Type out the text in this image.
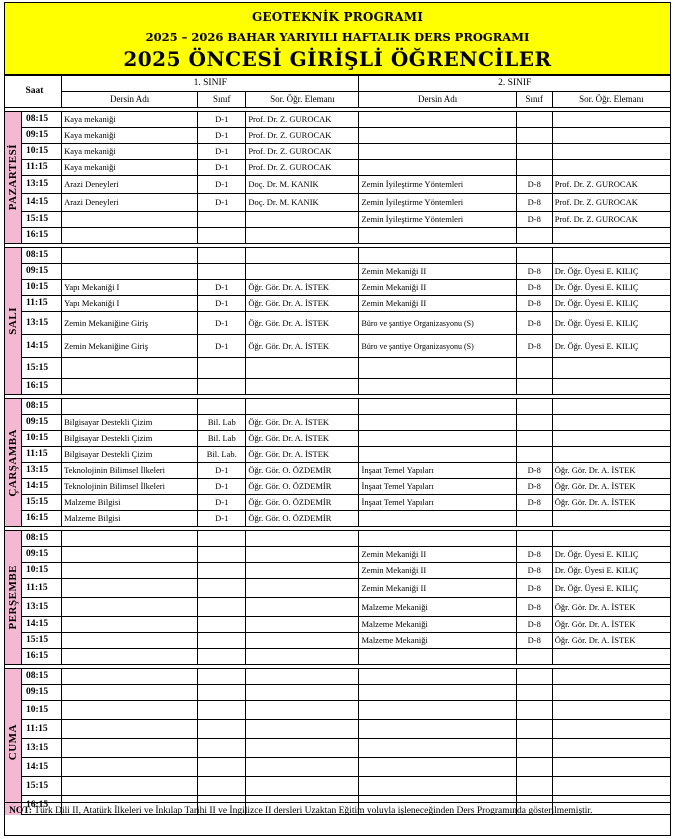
GEOTEKNİK PROGRAMI
2025 – 2026 BAHAR YARIYILI HAFTALIK DERS PROGRAMI
2025 ÖNCESİ GİRİŞLİ ÖĞRENCİLER
	Saat	1. SINIF			2. SINIF		
		Dersin Adı	Sınıf	Sor. Öğr. Elemanı	Dersin Adı	Sınıf	Sor. Öğr. Elemanı

PAZARTESİ	08:15	Kaya mekaniği	D-1	Prof. Dr. Z. GUROCAK			
	09:15	Kaya mekaniği	D-1	Prof. Dr. Z. GUROCAK			
	10:15	Kaya mekaniği	D-1	Prof. Dr. Z. GUROCAK			
	11:15	Kaya mekaniği	D-1	Prof. Dr. Z. GUROCAK			
	13:15	Arazi Deneyleri	D-1	Doç. Dr. M. KANIK	Zemin İyileştirme Yöntemleri	D-8	Prof. Dr. Z. GUROCAK
	14:15	Arazi Deneyleri	D-1	Doç. Dr. M. KANIK	Zemin İyileştirme Yöntemleri	D-8	Prof. Dr. Z. GUROCAK
	15:15				Zemin İyileştirme Yöntemleri	D-8	Prof. Dr. Z. GUROCAK
	16:15						

SALI	08:15						
	09:15				Zemin Mekaniği II	D-8	Dr. Öğr. Üyesi E. KILIÇ
	10:15	Yapı Mekaniği I	D-1	Öğr. Gör. Dr. A. İSTEK	Zemin Mekaniği II	D-8	Dr. Öğr. Üyesi E. KILIÇ
	11:15	Yapı Mekaniği I	D-1	Öğr. Gör. Dr. A. İSTEK	Zemin Mekaniği II	D-8	Dr. Öğr. Üyesi E. KILIÇ
	13:15	Zemin Mekaniğine Giriş	D-1	Öğr. Gör. Dr. A. İSTEK	Büro ve şantiye Organizasyonu (S)	D-8	Dr. Öğr. Üyesi E. KILIÇ
	14:15	Zemin Mekaniğine Giriş	D-1	Öğr. Gör. Dr. A. İSTEK	Büro ve şantiye Organizasyonu (S)	D-8	Dr. Öğr. Üyesi E. KILIÇ
	15:15						
	16:15						

ÇARŞAMBA	08:15						
	09:15	Bilgisayar Destekli Çizim	Bil. Lab	Öğr. Gör. Dr. A. İSTEK			
	10:15	Bilgisayar Destekli Çizim	Bil. Lab	Öğr. Gör. Dr. A. İSTEK			
	11:15	Bilgisayar Destekli Çizim	Bil. Lab.	Öğr. Gör. Dr. A. İSTEK			
	13:15	Teknolojinin Bilimsel İlkeleri	D-1	Öğr. Gör. O. ÖZDEMİR	İnşaat Temel Yapıları	D-8	Öğr. Gör. Dr. A. İSTEK
	14:15	Teknolojinin Bilimsel İlkeleri	D-1	Öğr. Gör. O. ÖZDEMİR	İnşaat Temel Yapıları	D-8	Öğr. Gör. Dr. A. İSTEK
	15:15	Malzeme Bilgisi	D-1	Öğr. Gör. O. ÖZDEMİR	İnşaat Temel Yapıları	D-8	Öğr. Gör. Dr. A. İSTEK
	16:15	Malzeme Bilgisi	D-1	Öğr. Gör. O. ÖZDEMİR			

PERŞEMBE	08:15						
	09:15				Zemin Mekaniği II	D-8	Dr. Öğr. Üyesi E. KILIÇ
	10:15				Zemin Mekaniği II	D-8	Dr. Öğr. Üyesi E. KILIÇ
	11:15				Zemin Mekaniği II	D-8	Dr. Öğr. Üyesi E. KILIÇ
	13:15				Malzeme Mekaniği	D-8	Öğr. Gör. Dr. A. İSTEK
	14:15				Malzeme Mekaniği	D-8	Öğr. Gör. Dr. A. İSTEK
	15:15				Malzeme Mekaniği	D-8	Öğr. Gör. Dr. A. İSTEK
	16:15						

CUMA	08:15						
	09:15						
	10:15						
	11:15						
	13:15						
	14:15						
	15:15						
	16:15						
NOT: Türk Dili II, Atatürk İlkeleri ve İnkılap Tarihi II ve İngilizce II dersleri Uzaktan Eğitim yoluyla işleneceğinden Ders Programında gösterilmemiştir.
